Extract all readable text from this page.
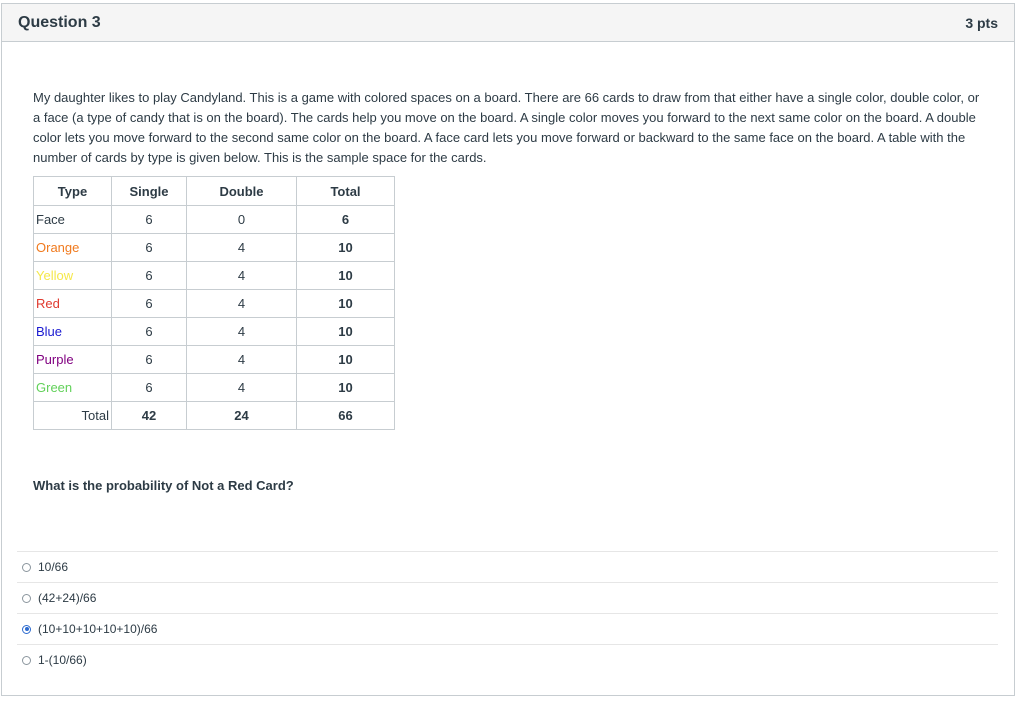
Question 3	3 pts
My daughter likes to play Candyland. This is a game with colored spaces on a board. There are 66 cards to draw from that either have a single color, double color, or a face (a type of candy that is on the board). The cards help you move on the board. A single color moves you forward to the next same color on the board. A double color lets you move forward to the second same color on the board. A face card lets you move forward or backward to the same face on the board. A table with the number of cards by type is given below. This is the sample space for the cards.
Type	Single	Double	Total
Face	6	0	6
Orange	6	4	10
Yellow	6	4	10
Red	6	4	10
Blue	6	4	10
Purple	6	4	10
Green	6	4	10
Total	42	24	66
What is the probability of Not a Red Card?
10/66
(42+24)/66
(10+10+10+10+10)/66
1-(10/66)
